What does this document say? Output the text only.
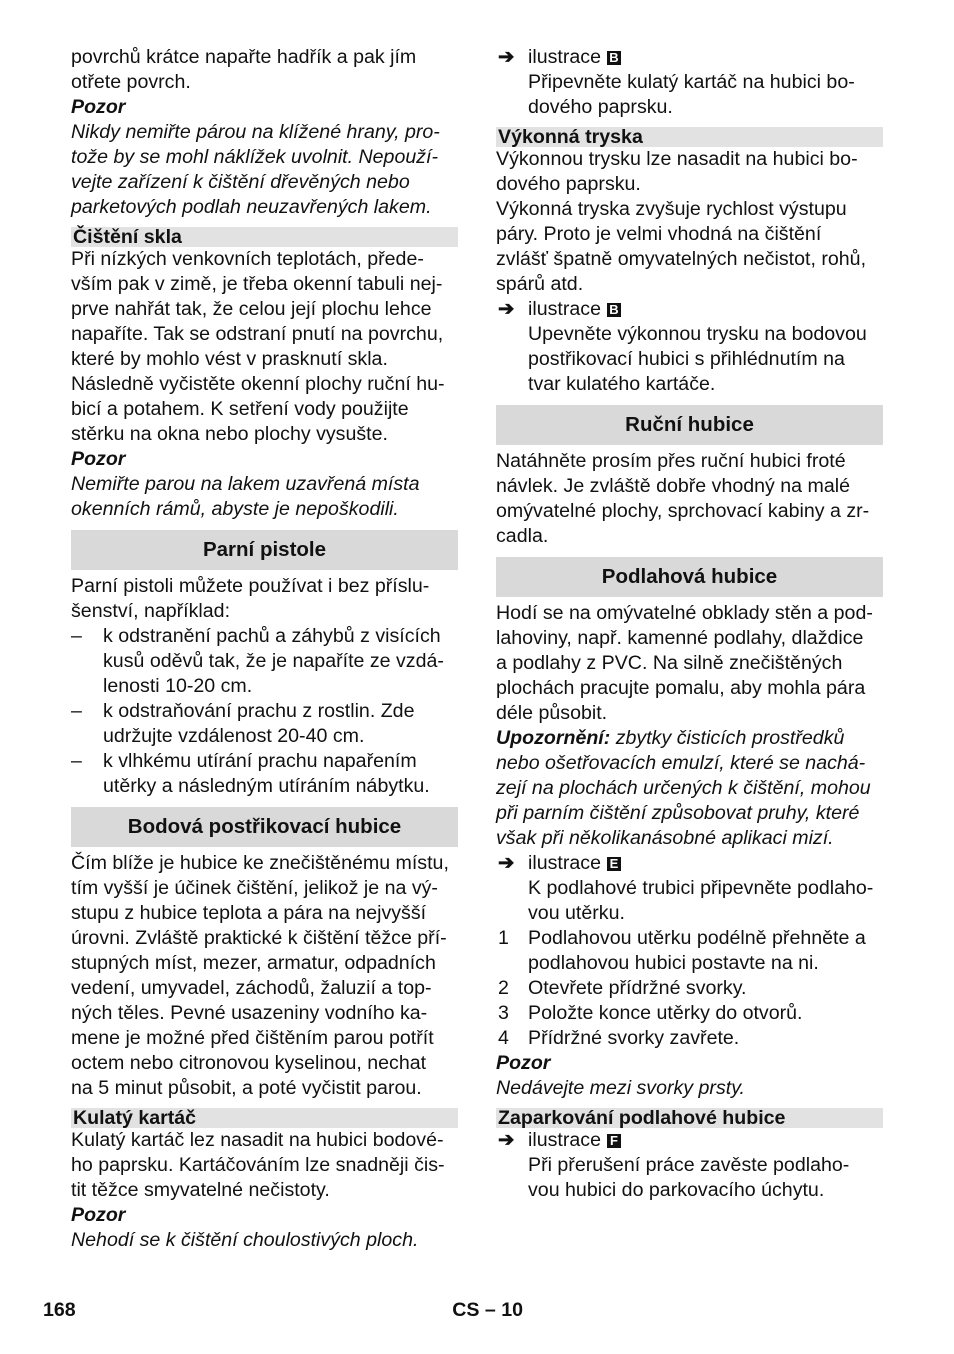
povrchů krátce napařte hadřík a pak jím
otřete povrch.

Pozor

Nikdy nemiřte párou na klížené hrany, pro-
tože by se mohl náklížek uvolnit. Nepouží-
vejte zařízení k čištění dřevěných nebo
parketových podlah neuzavřených lakem.

Čištění skla

Při nízkých venkovních teplotách, přede-
vším pak v zimě, je třeba okenní tabuli nej-
prve nahřát tak, že celou její plochu lehce
napaříte. Tak se odstraní pnutí na povrchu,
které by mohlo vést v prasknutí skla.
Následně vyčistěte okenní plochy ruční hu-
bicí a potahem. K setření vody použijte
stěrku na okna nebo plochy vysušte.

Pozor

Nemiřte parou na lakem uzavřená místa
okenních rámů, abyste je nepoškodili.

Parní pistole

Parní pistoli můžete používat i bez příslu-
šenství, například:

– k odstranění pachů a záhybů z visících
kusů oděvů tak, že je napaříte ze vzdá-
lenosti 10-20 cm.
– k odstraňování prachu z rostlin. Zde
udržujte vzdálenost 20-40 cm.
– k vlhkému utírání prachu napařením
utěrky a následným utíráním nábytku.

Bodová postřikovací hubice

Čím blíže je hubice ke znečištěnému místu,
tím vyšší je účinek čištění, jelikož je na vý-
stupu z hubice teplota a pára na nejvyšší
úrovni. Zvláště praktické k čištění těžce pří-
stupných míst, mezer, armatur, odpadních
vedení, umyvadel, záchodů, žaluzií a top-
ných těles. Pevné usazeniny vodního ka-
mene je možné před čištěním parou potřít
octem nebo citronovou kyselinou, nechat
na 5 minut působit, a poté vyčistit parou.

Kulatý kartáč

Kulatý kartáč lez nasadit na hubici bodové-
ho paprsku. Kartáčováním lze snadněji čis-
tit těžce smyvatelné nečistoty.

Pozor

Nehodí se k čištění choulostivých ploch.

➔ ilustrace B
Připevněte kulatý kartáč na hubici bo-
dového paprsku.

Výkonná tryska

Výkonnou trysku lze nasadit na hubici bo-
dového paprsku.
Výkonná tryska zvyšuje rychlost výstupu
páry. Proto je velmi vhodná na čištění
zvlášť špatně omyvatelných nečistot, rohů,
spárů atd.

➔ ilustrace B
Upevněte výkonnou trysku na bodovou
postřikovací hubici s přihlédnutím na
tvar kulatého kartáče.

Ruční hubice

Natáhněte prosím přes ruční hubici froté
návlek. Je zvláště dobře vhodný na malé
omývatelné plochy, sprchovací kabiny a zr-
cadla.

Podlahová hubice

Hodí se na omývatelné obklady stěn a pod-
lahoviny, např. kamenné podlahy, dlaždice
a podlahy z PVC. Na silně znečištěných
plochách pracujte pomalu, aby mohla pára
déle působit.

Upozornění: zbytky čisticích prostředků
nebo ošetřovacích emulzí, které se nachá-
zejí na plochách určených k čištění, mohou
při parním čištění způsobovat pruhy, které
však při několikanásobné aplikaci mizí.

➔ ilustrace E
K podlahové trubici připevněte podlaho-
vou utěrku.
1 Podlahovou utěrku podélně přehněte a
podlahovou hubici postavte na ni.
2 Otevřete přídržné svorky.
3 Položte konce utěrky do otvorů.
4 Přídržné svorky zavřete.

Pozor

Nedávejte mezi svorky prsty.

Zaparkování podlahové hubice

➔ ilustrace F
Při přerušení práce zavěste podlaho-
vou hubici do parkovacího úchytu.
168	CS – 10
